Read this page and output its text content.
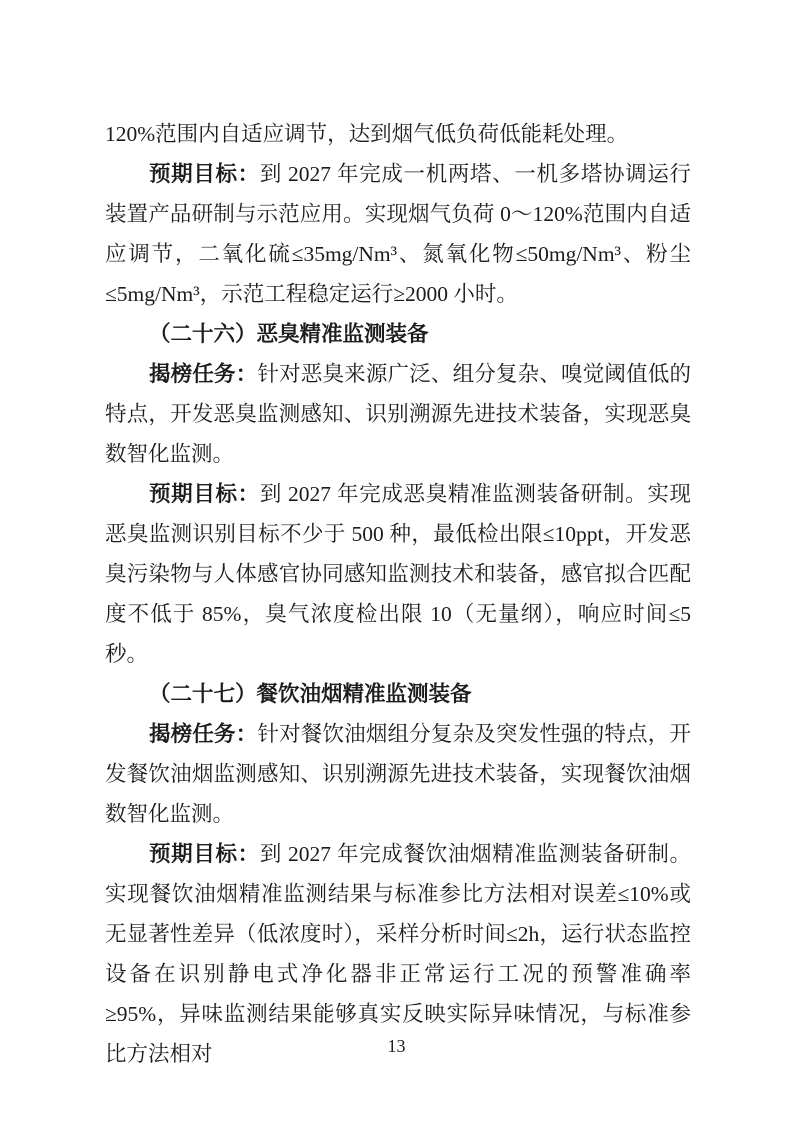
120%范围内自适应调节，达到烟气低负荷低能耗处理。

预期目标：到 2027 年完成一机两塔、一机多塔协调运行装置产品研制与示范应用。实现烟气负荷 0～120%范围内自适应调节，二氧化硫≤35mg/Nm³、氮氧化物≤50mg/Nm³、粉尘≤5mg/Nm³，示范工程稳定运行≥2000 小时。

（二十六）恶臭精准监测装备

揭榜任务：针对恶臭来源广泛、组分复杂、嗅觉阈值低的特点，开发恶臭监测感知、识别溯源先进技术装备，实现恶臭数智化监测。

预期目标：到 2027 年完成恶臭精准监测装备研制。实现恶臭监测识别目标不少于 500 种，最低检出限≤10ppt，开发恶臭污染物与人体感官协同感知监测技术和装备，感官拟合匹配度不低于 85%，臭气浓度检出限 10（无量纲），响应时间≤5 秒。

（二十七）餐饮油烟精准监测装备

揭榜任务：针对餐饮油烟组分复杂及突发性强的特点，开发餐饮油烟监测感知、识别溯源先进技术装备，实现餐饮油烟数智化监测。

预期目标：到 2027 年完成餐饮油烟精准监测装备研制。实现餐饮油烟精准监测结果与标准参比方法相对误差≤10%或无显著性差异（低浓度时），采样分析时间≤2h，运行状态监控设备在识别静电式净化器非正常运行工况的预警准确率≥95%，异味监测结果能够真实反映实际异味情况，与标准参比方法相对	13
